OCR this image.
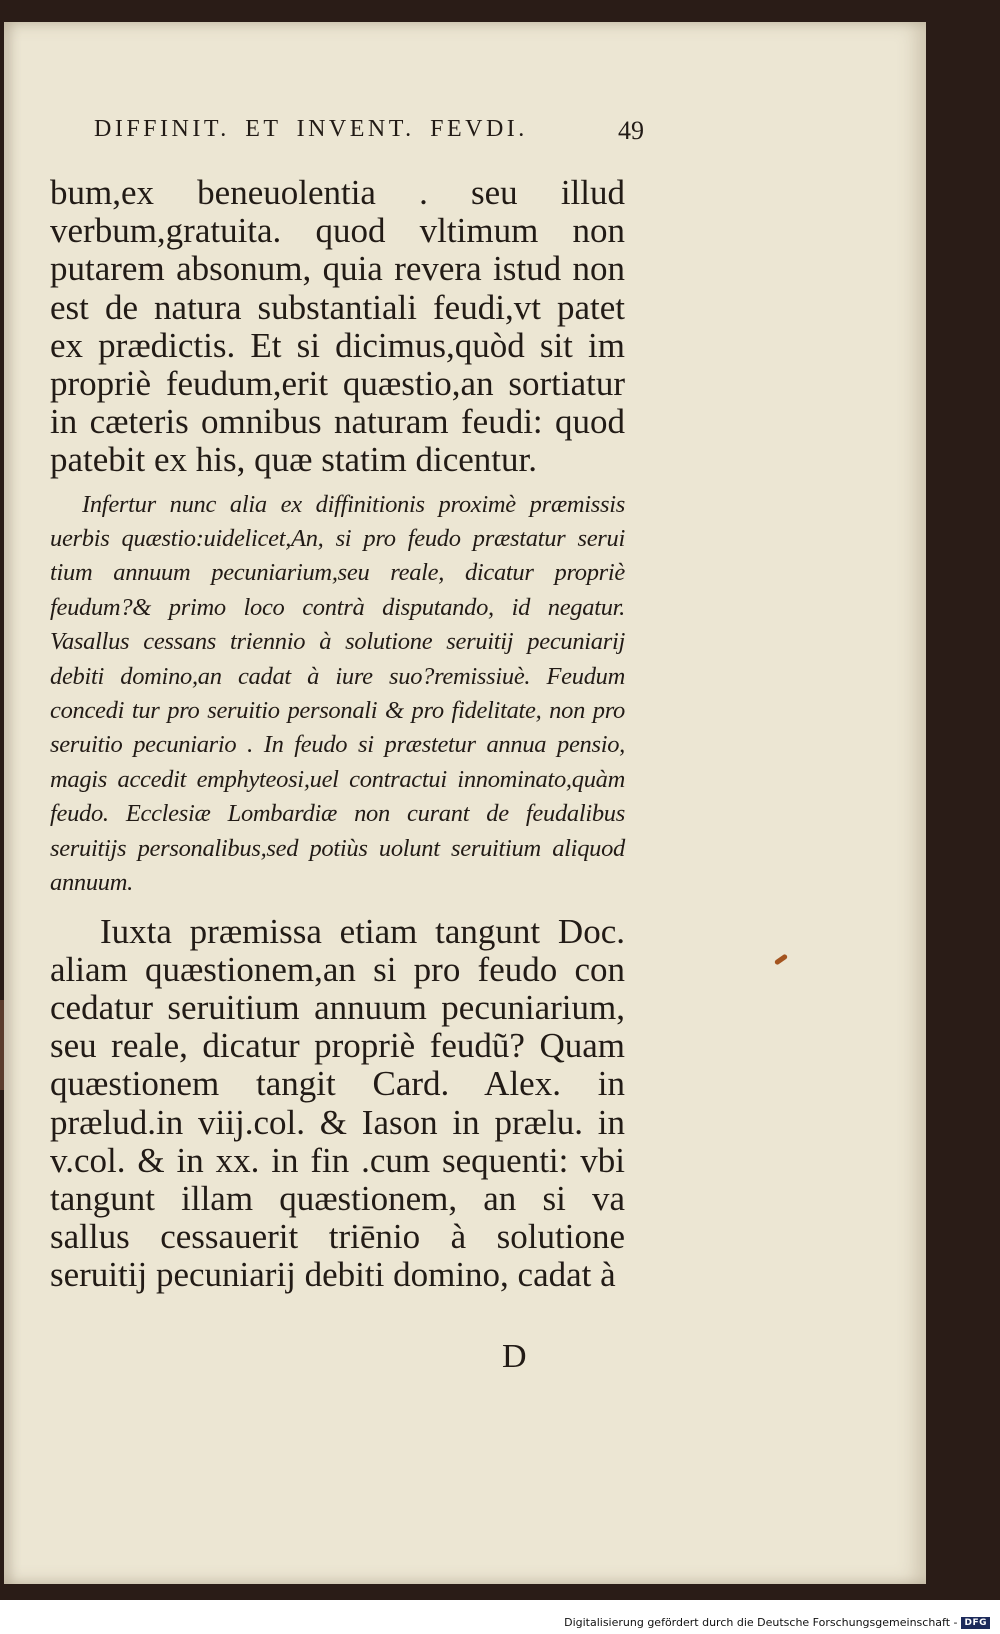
DIFFINIT. ET INVENT. FEVDI.	49

bum,ex beneuolentia . seu illud verbum,gratuita. quod vltimum non putarem absonum, quia revera istud non est de natura substantiali feudi,vt patet ex prædictis. Et si dicimus,quòd sit im propriè feudum,erit quæstio,an sortiatur in cæteris omnibus naturam feudi: quod patebit ex his, quæ statim dicentur.

Infertur nunc alia ex diffinitionis proximè præmissis uerbis quæstio:uidelicet,An, si pro feudo præstatur serui tium annuum pecuniarium,seu reale, dicatur propriè feudum?& primo loco contrà disputando, id negatur. Vasallus cessans triennio à solutione seruitij pecuniarij debiti domino,an cadat à iure suo?remissiuè. Feudum concedi tur pro seruitio personali & pro fidelitate, non pro seruitio pecuniario . In feudo si præstetur annua pensio, magis accedit emphyteosi,uel contractui innominato,quàm feudo. Ecclesiæ Lombardiæ non curant de feudalibus seruitijs personalibus,sed potiùs uolunt seruitium aliquod annuum.

Iuxta præmissa etiam tangunt Doc. aliam quæstionem,an si pro feudo con cedatur seruitium annuum pecuniarium, seu reale, dicatur propriè feudũ? Quam quæstionem tangit Card. Alex. in prælud.in viij.col. & Iason in prælu. in v.col. & in xx. in fin .cum sequenti: vbi tangunt illam quæstionem, an si va sallus cessauerit triēnio à solutione seruitij pecuniarij debiti domino, cadat à

D
Digitalisierung gefördert durch die Deutsche Forschungsgemeinschaft - DFG
